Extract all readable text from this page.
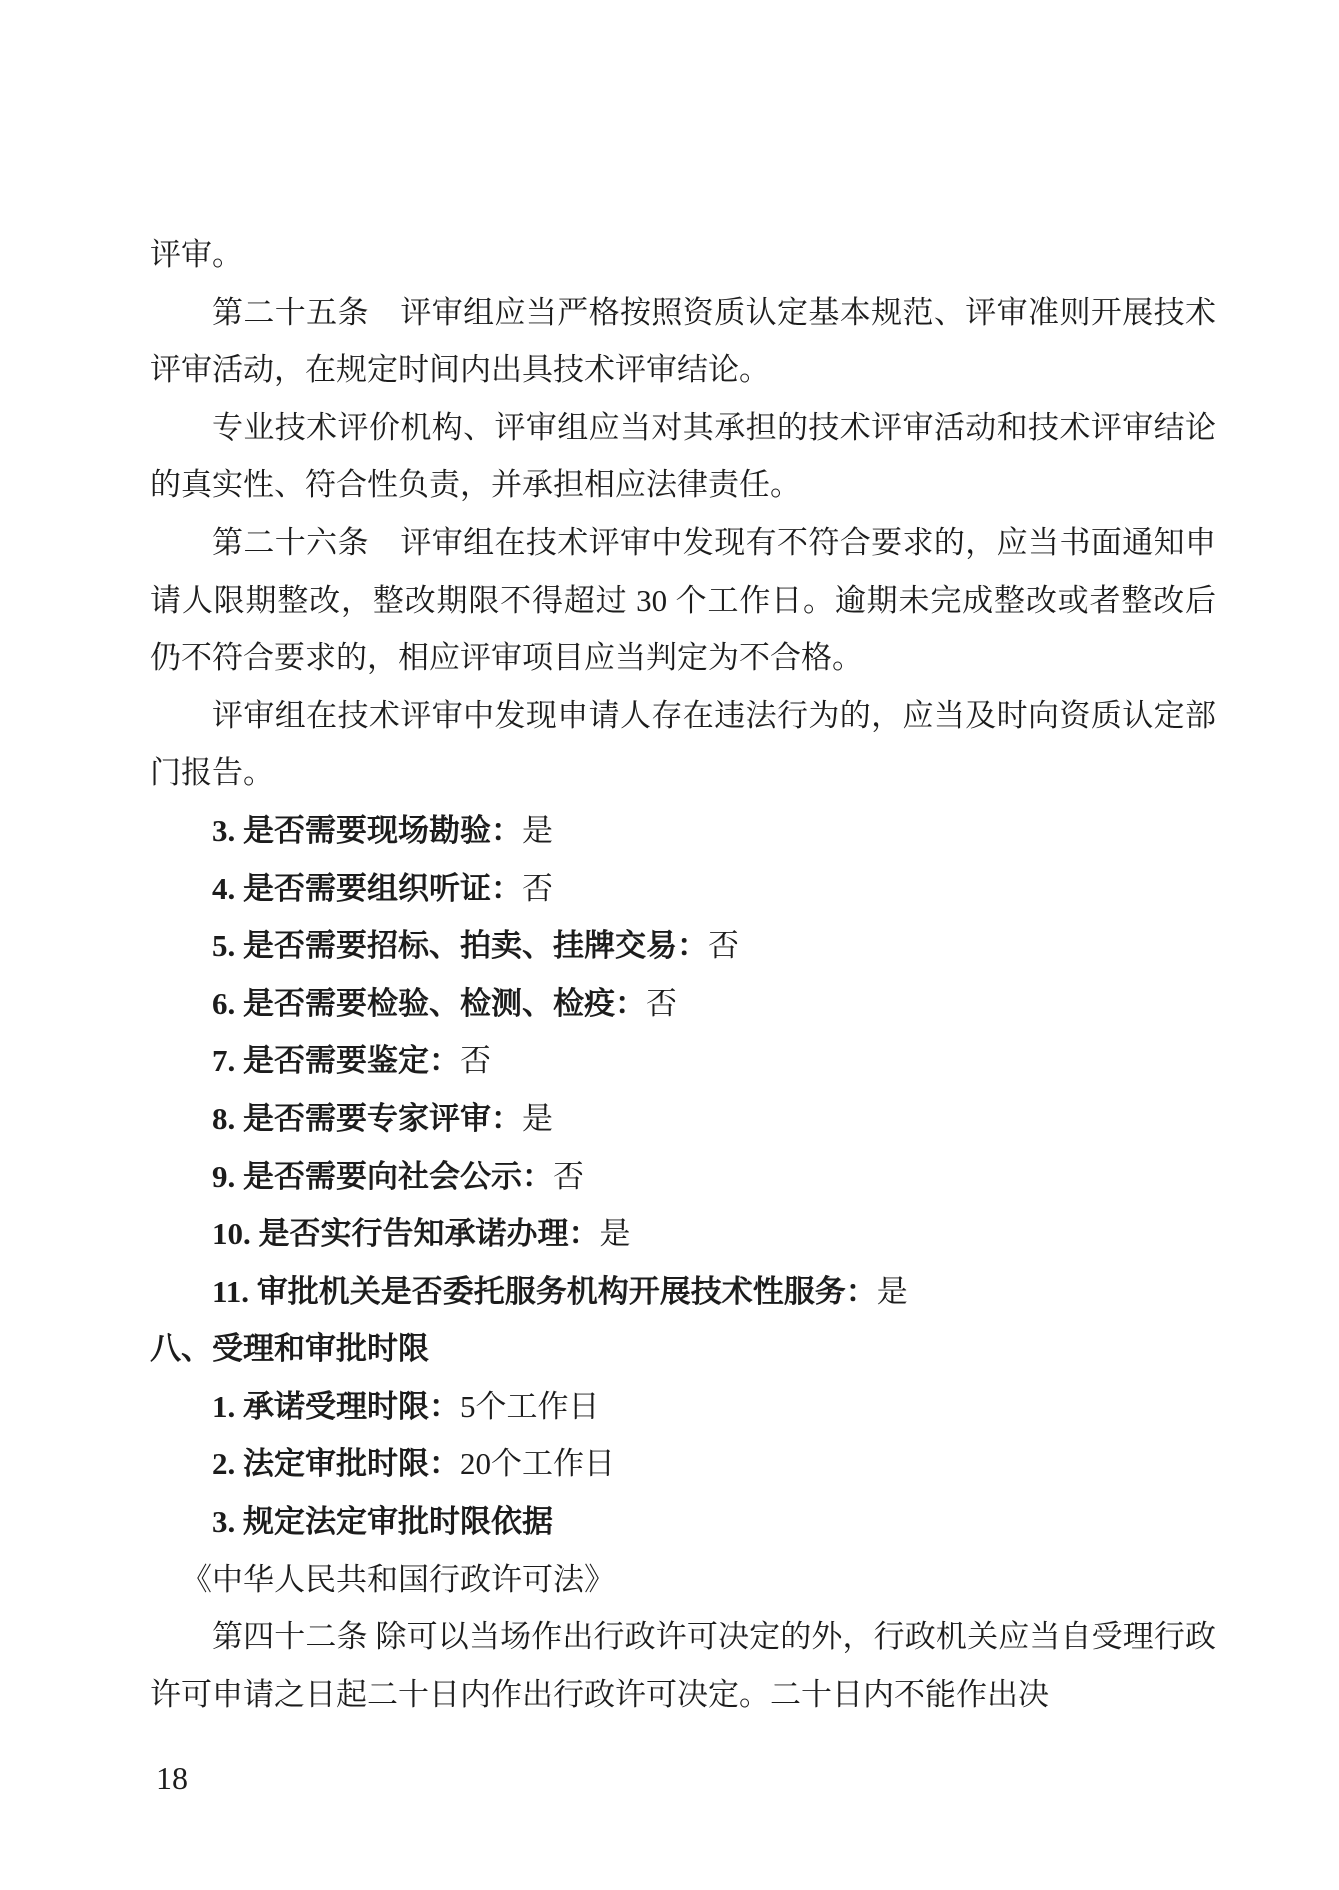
评审。

第二十五条　评审组应当严格按照资质认定基本规范、评审准则开展技术评审活动，在规定时间内出具技术评审结论。

专业技术评价机构、评审组应当对其承担的技术评审活动和技术评审结论的真实性、符合性负责，并承担相应法律责任。

第二十六条　评审组在技术评审中发现有不符合要求的，应当书面通知申请人限期整改，整改期限不得超过 30 个工作日。逾期未完成整改或者整改后仍不符合要求的，相应评审项目应当判定为不合格。

评审组在技术评审中发现申请人存在违法行为的，应当及时向资质认定部门报告。

3. 是否需要现场勘验：是

4. 是否需要组织听证：否

5. 是否需要招标、拍卖、挂牌交易：否

6. 是否需要检验、检测、检疫：否

7. 是否需要鉴定：否

8. 是否需要专家评审：是

9. 是否需要向社会公示：否

10. 是否实行告知承诺办理：是

11. 审批机关是否委托服务机构开展技术性服务：是

八、受理和审批时限

1. 承诺受理时限：5个工作日

2. 法定审批时限：20个工作日

3. 规定法定审批时限依据

《中华人民共和国行政许可法》

第四十二条 除可以当场作出行政许可决定的外，行政机关应当自受理行政许可申请之日起二十日内作出行政许可决定。二十日内不能作出决

18
